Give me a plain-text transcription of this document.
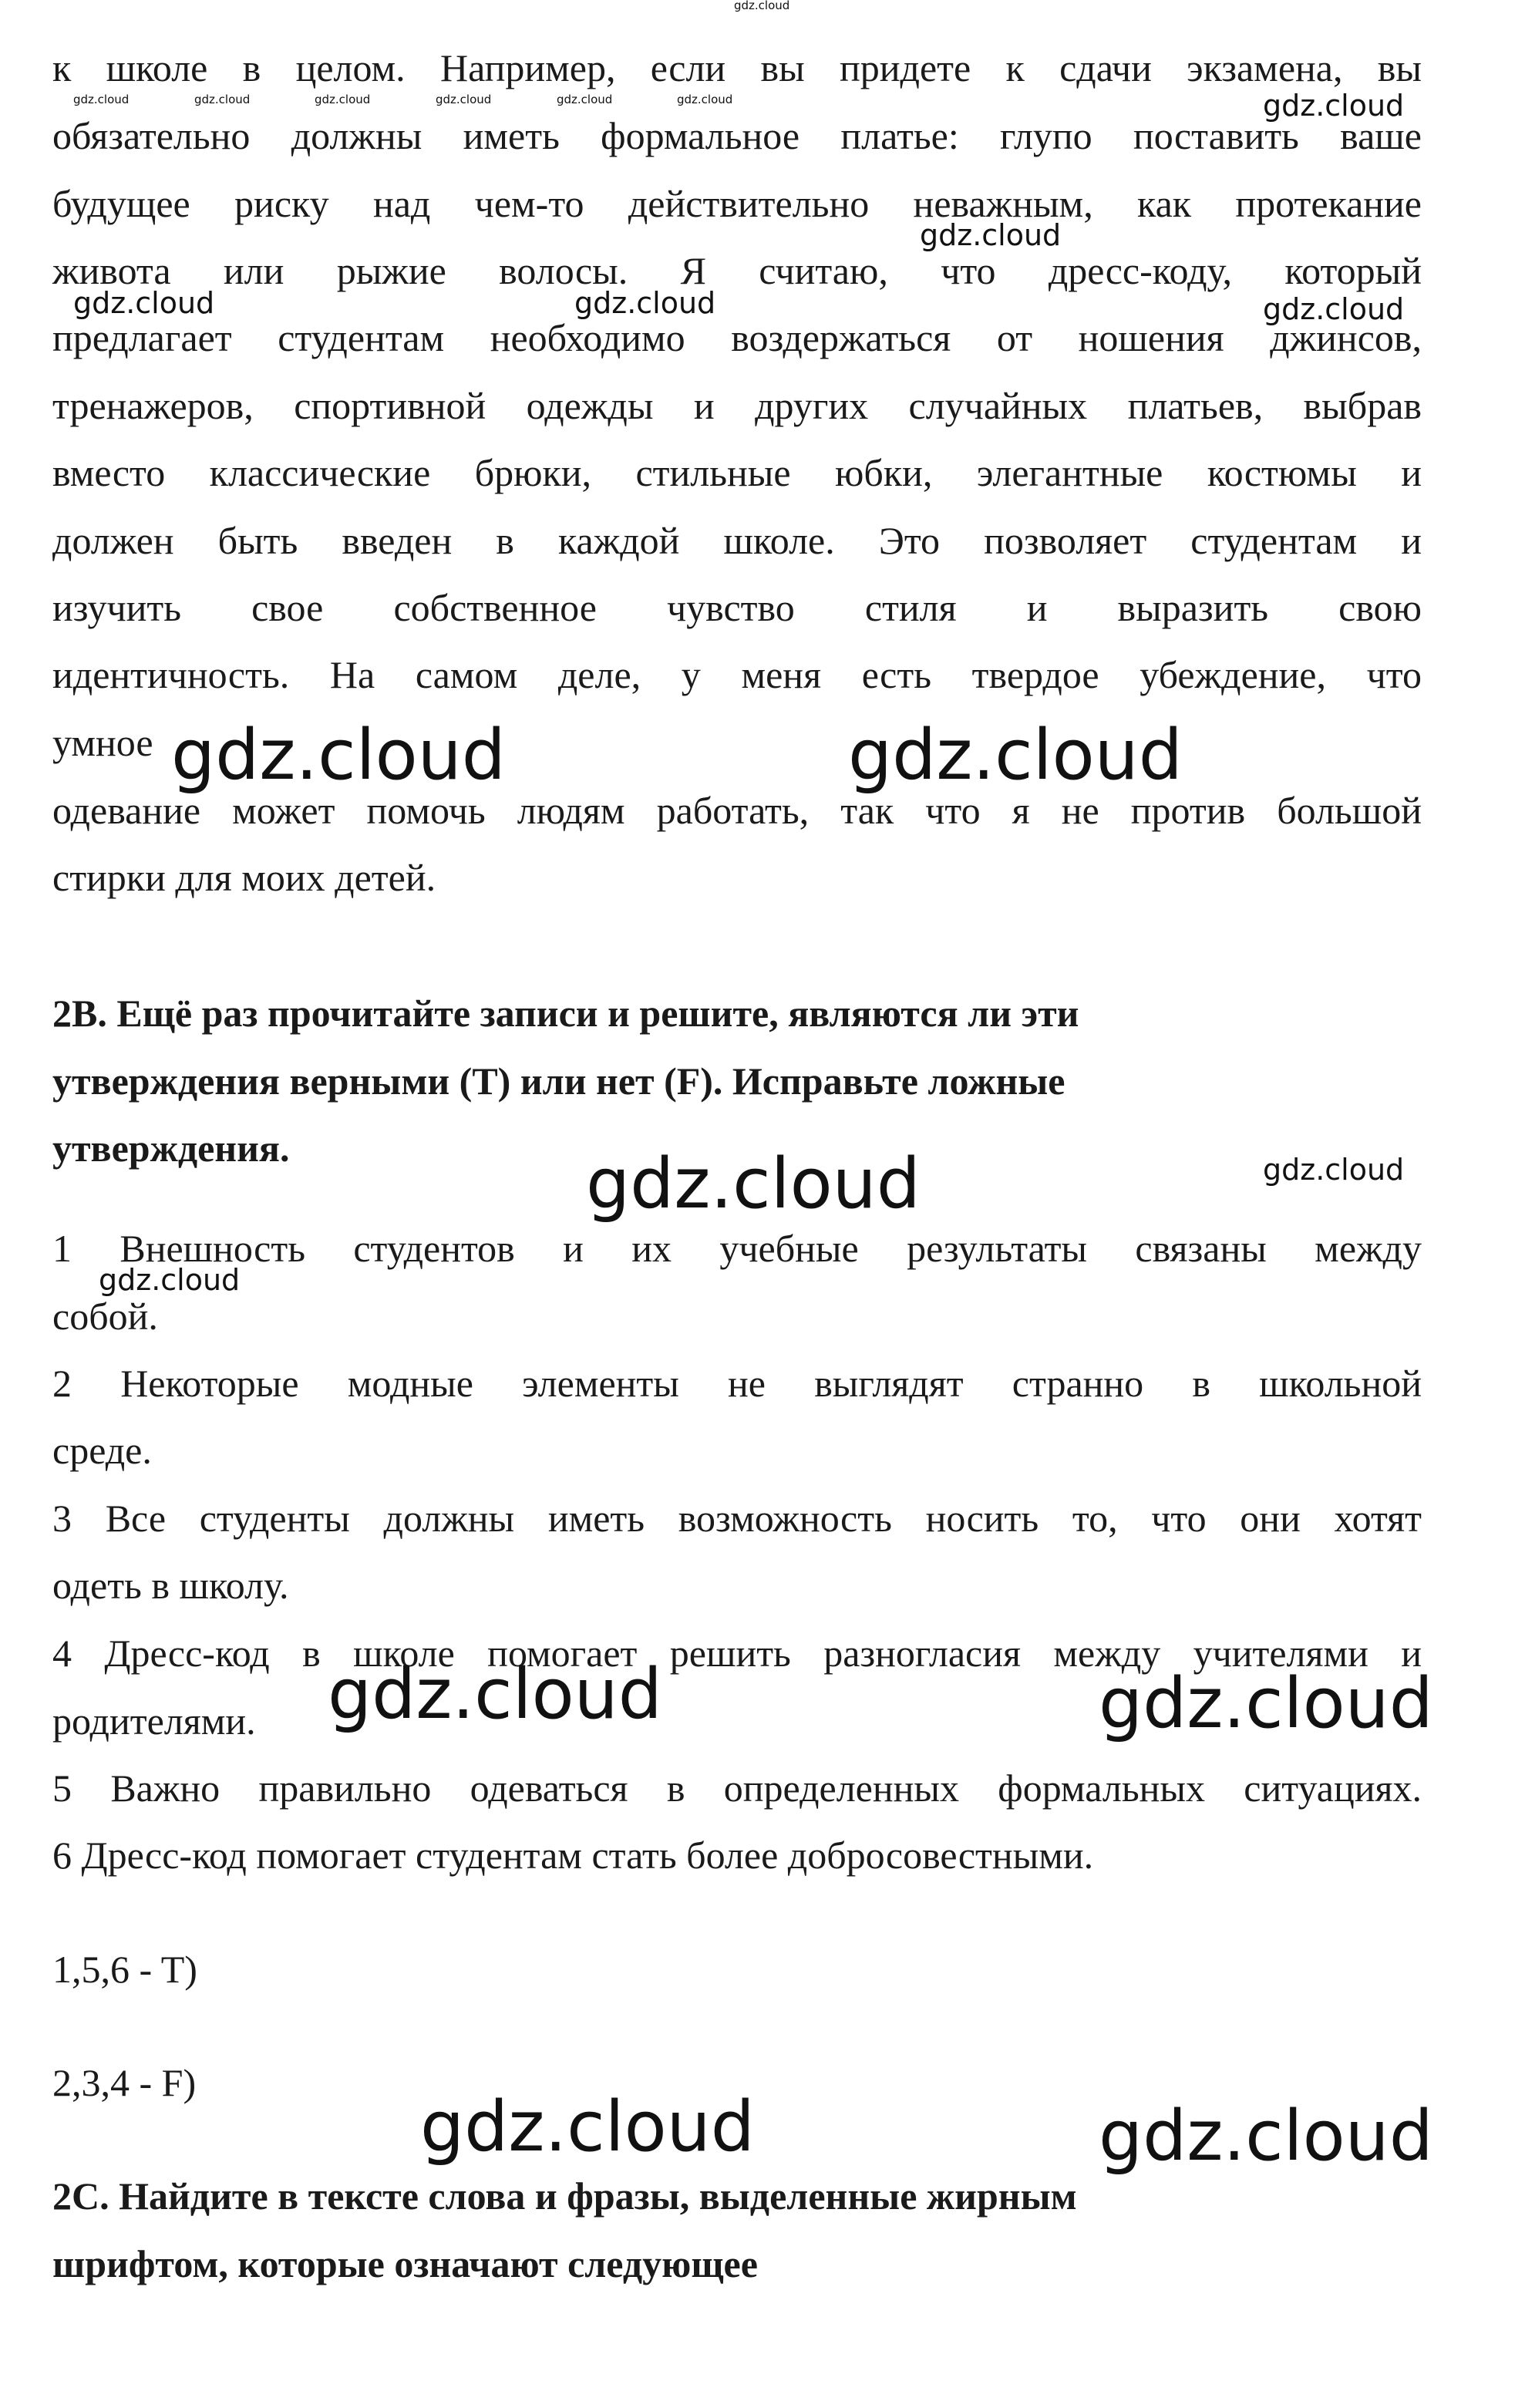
к школе в целом. Например, если вы придете к сдачи экзамена, вы
обязательно должны иметь формальное платье: глупо поставить ваше
будущее риску над чем-то действительно неважным, как протекание
живота или рыжие волосы. Я считаю, что дресс-коду, который
предлагает студентам необходимо воздержаться от ношения джинсов,
тренажеров, спортивной одежды и других случайных платьев, выбрав
вместо классические брюки, стильные юбки, элегантные костюмы и
должен быть введен в каждой школе. Это позволяет студентам и
изучить свое собственное чувство стиля и выразить свою
идентичность. На самом деле, у меня есть твердое убеждение, что
умное
одевание может помочь людям работать, так что я не против большой
стирки для моих детей.
2B. Ещё раз прочитайте записи и решите, являются ли эти
утверждения верными (T) или нет (F). Исправьте ложные
утверждения.
1 Внешность студентов и их учебные результаты связаны между
собой.
2 Некоторые модные элементы не выглядят странно в школьной
среде.
3 Все студенты должны иметь возможность носить то, что они хотят
одеть в школу.
4 Дресс-код в школе помогает решить разногласия между учителями и
родителями.
5 Важно правильно одеваться в определенных формальных ситуациях.
6 Дресс-код помогает студентам стать более добросовестными.
1,5,6 - T)
2,3,4 - F)
2C. Найдите в тексте слова и фразы, выделенные жирным
шрифтом, которые означают следующее
gdz.cloud
gdz.cloud	gdz.cloud	gdz.cloud	gdz.cloud	gdz.cloud	gdz.cloud	gdz.cloud
gdz.cloud
gdz.cloud	gdz.cloud	gdz.cloud
gdz.cloud	gdz.cloud
gdz.cloud
gdz.cloud
gdz.cloud
gdz.cloud	gdz.cloud
gdz.cloud	gdz.cloud
